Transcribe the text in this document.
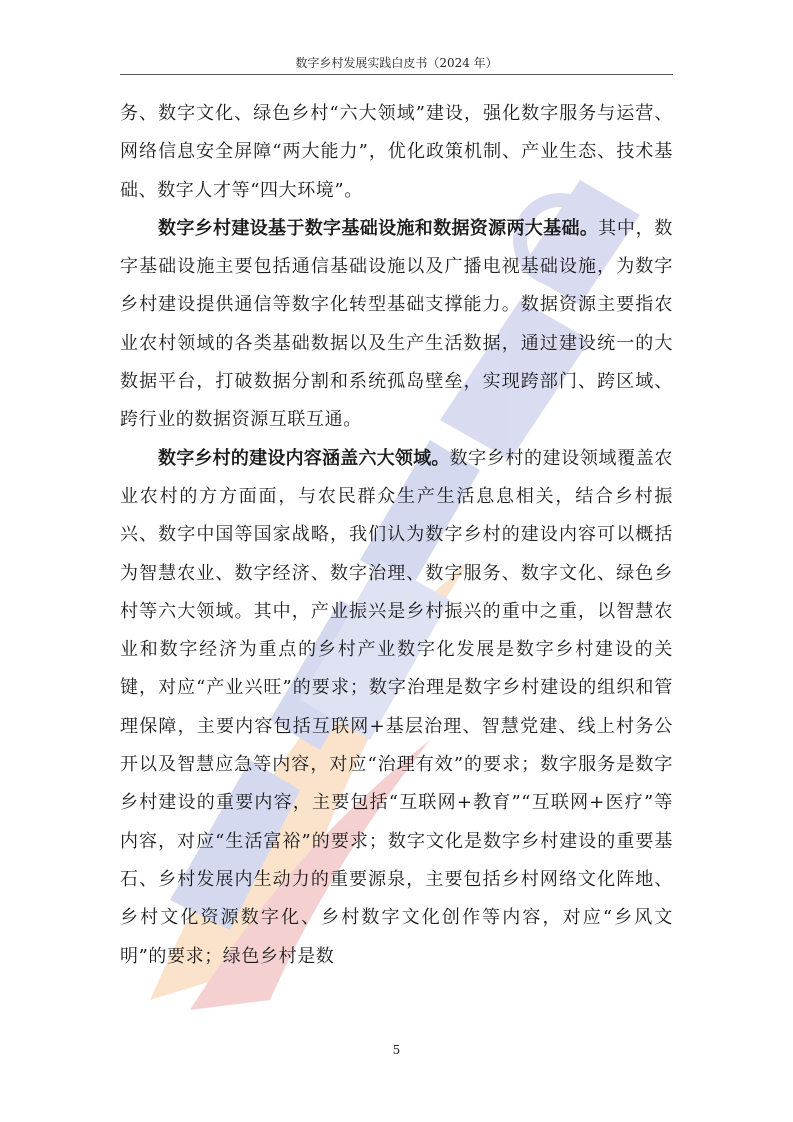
数字乡村发展实践白皮书（2024 年）

务、数字文化、绿色乡村“六大领域”建设，强化数字服务与运营、网络信息安全屏障“两大能力”，优化政策机制、产业生态、技术基础、数字人才等“四大环境”。

数字乡村建设基于数字基础设施和数据资源两大基础。其中，数字基础设施主要包括通信基础设施以及广播电视基础设施，为数字乡村建设提供通信等数字化转型基础支撑能力。数据资源主要指农业农村领域的各类基础数据以及生产生活数据，通过建设统一的大数据平台，打破数据分割和系统孤岛壁垒，实现跨部门、跨区域、跨行业的数据资源互联互通。

数字乡村的建设内容涵盖六大领域。数字乡村的建设领域覆盖农业农村的方方面面，与农民群众生产生活息息相关，结合乡村振兴、数字中国等国家战略，我们认为数字乡村的建设内容可以概括为智慧农业、数字经济、数字治理、数字服务、数字文化、绿色乡村等六大领域。其中，产业振兴是乡村振兴的重中之重，以智慧农业和数字经济为重点的乡村产业数字化发展是数字乡村建设的关键，对应“产业兴旺”的要求；数字治理是数字乡村建设的组织和管理保障，主要内容包括互联网+基层治理、智慧党建、线上村务公开以及智慧应急等内容，对应“治理有效”的要求；数字服务是数字乡村建设的重要内容，主要包括“互联网+教育”“互联网+医疗”等内容，对应“生活富裕”的要求；数字文化是数字乡村建设的重要基石、乡村发展内生动力的重要源泉，主要包括乡村网络文化阵地、乡村文化资源数字化、乡村数字文化创作等内容，对应“乡风文明”的要求；绿色乡村是数

5
